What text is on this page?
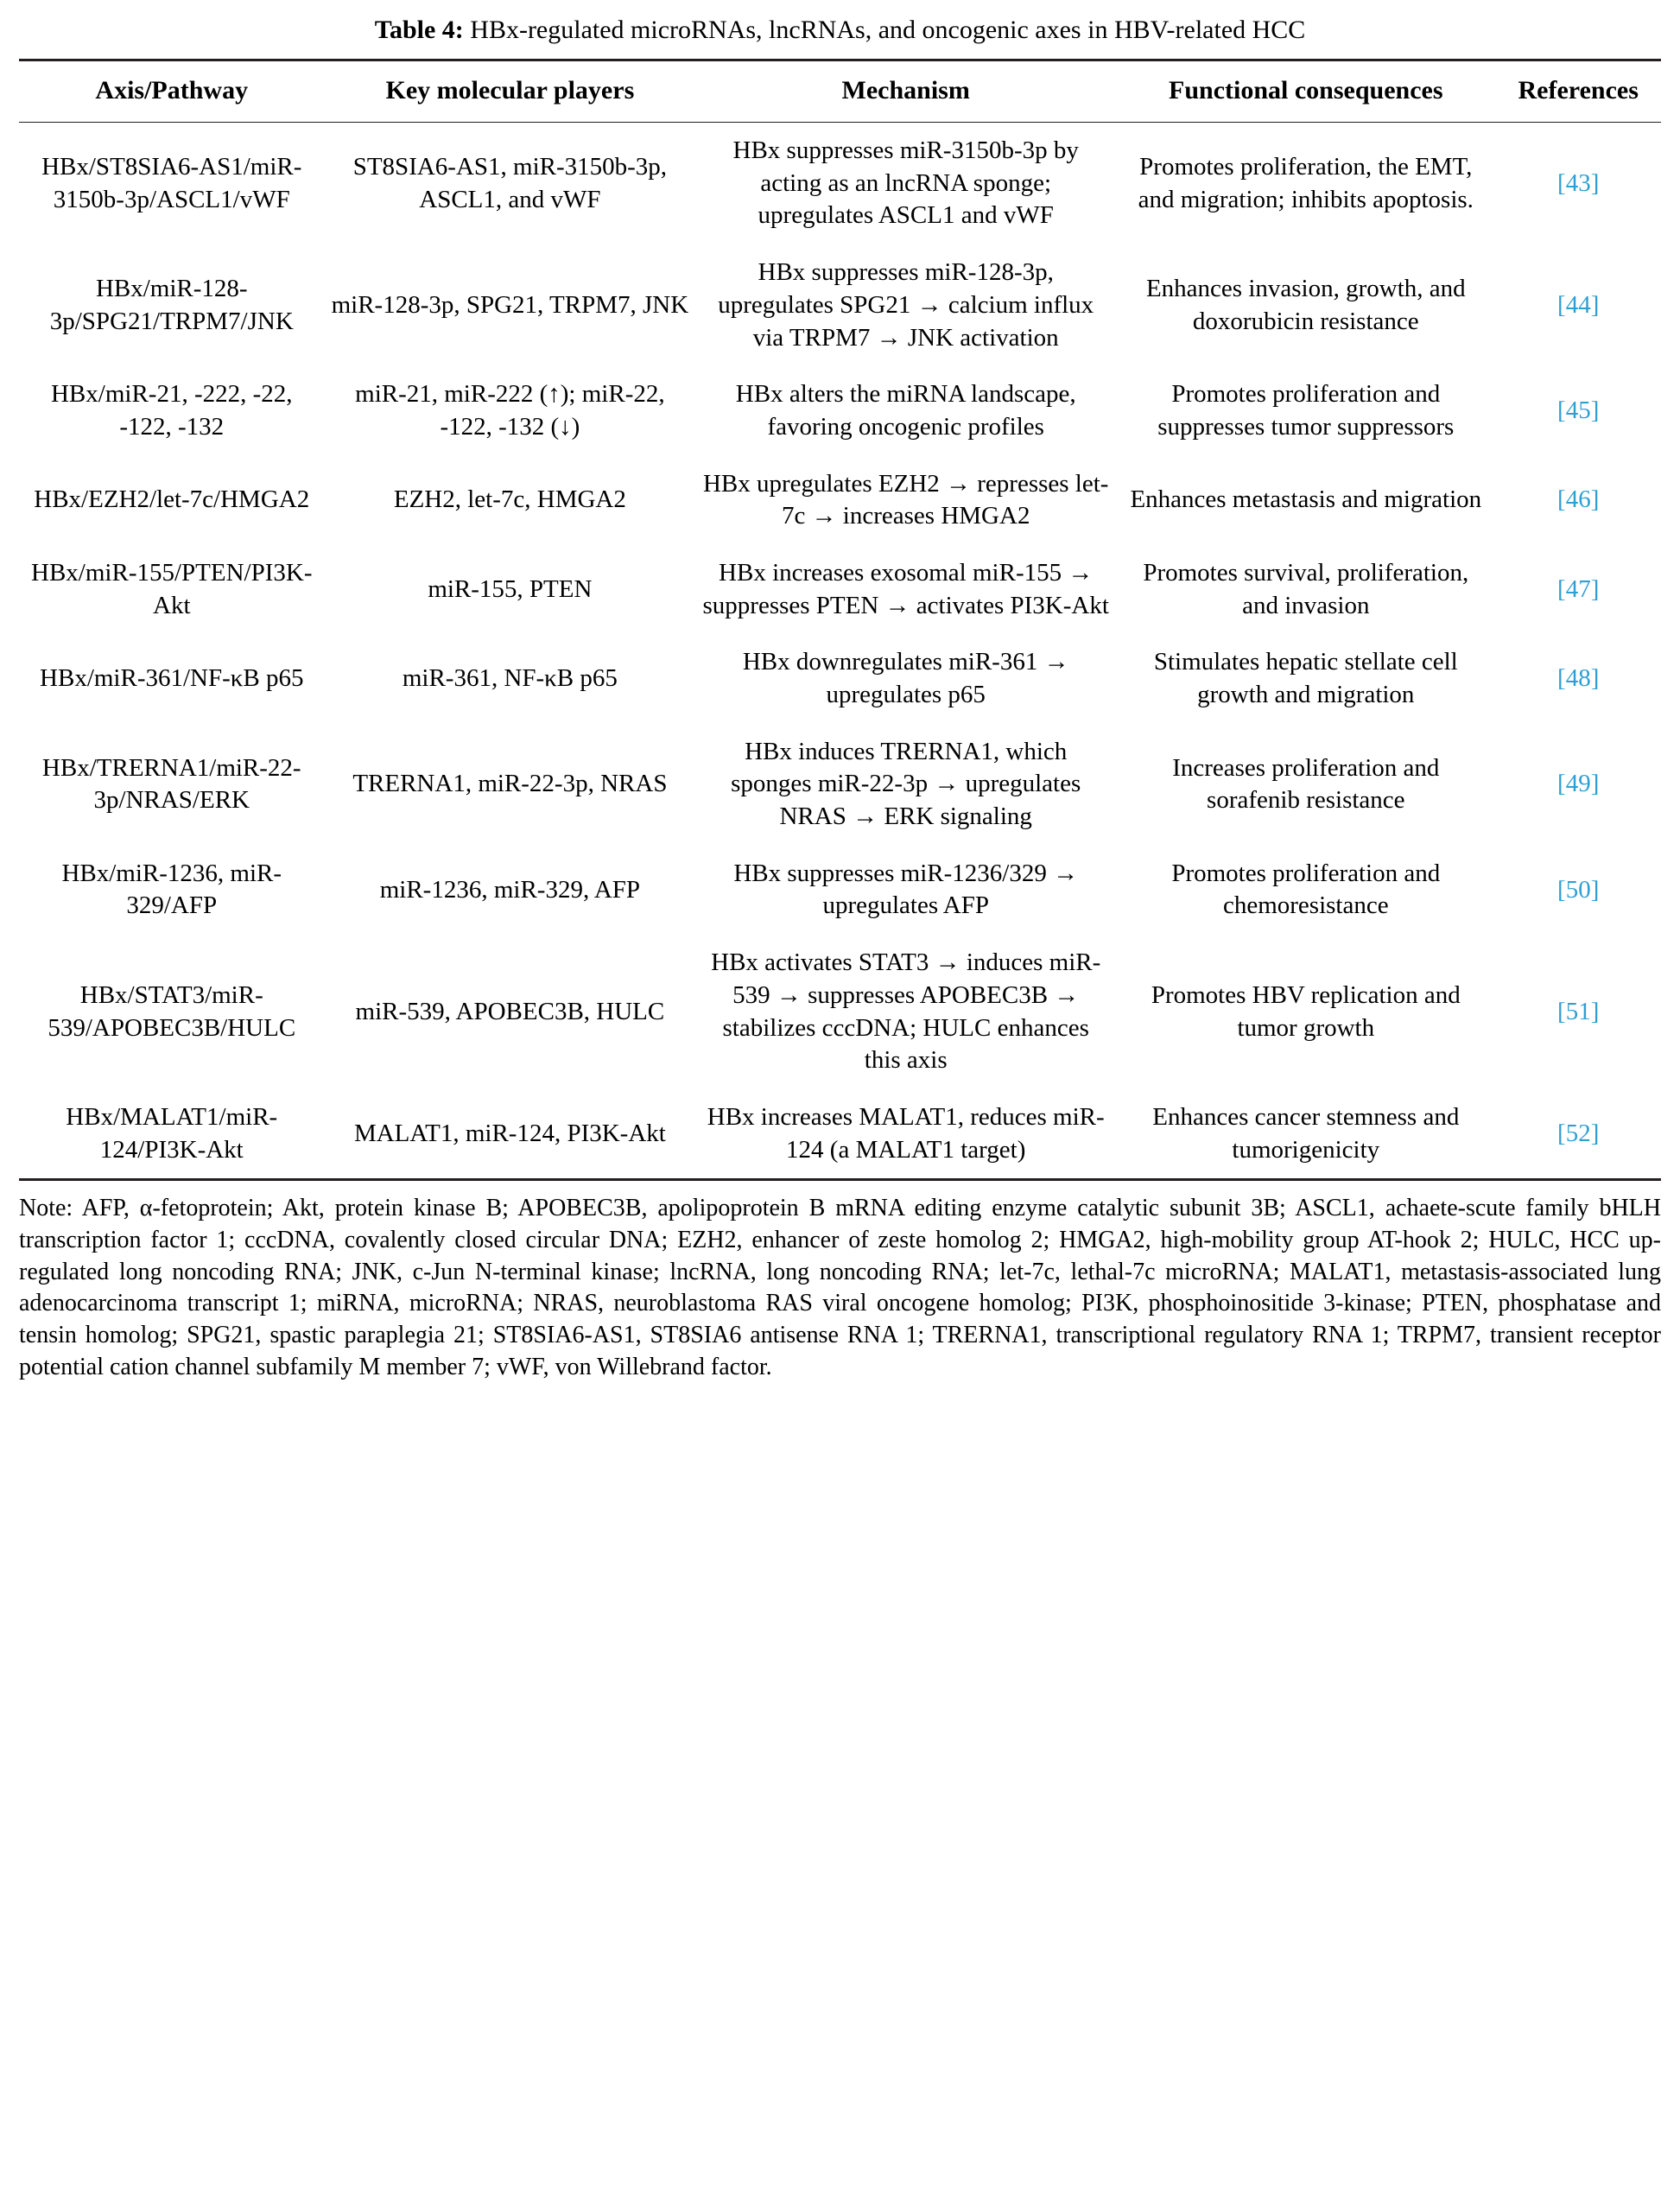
Table 4: HBx-regulated microRNAs, lncRNAs, and oncogenic axes in HBV-related HCC
Axis/Pathway	Key molecular players	Mechanism	Functional consequences	References
HBx/ST8SIA6-AS1/miR-3150b-3p/ASCL1/vWF	ST8SIA6-AS1, miR-3150b-3p, ASCL1, and vWF	HBx suppresses miR-3150b-3p by acting as an lncRNA sponge; upregulates ASCL1 and vWF	Promotes proliferation, the EMT, and migration; inhibits apoptosis.	[43]
HBx/miR-128-3p/SPG21/TRPM7/JNK	miR-128-3p, SPG21, TRPM7, JNK	HBx suppresses miR-128-3p, upregulates SPG21 → calcium influx via TRPM7 → JNK activation	Enhances invasion, growth, and doxorubicin resistance	[44]
HBx/miR-21, -222, -22, -122, -132	miR-21, miR-222 (↑); miR-22, -122, -132 (↓)	HBx alters the miRNA landscape, favoring oncogenic profiles	Promotes proliferation and suppresses tumor suppressors	[45]
HBx/EZH2/let-7c/HMGA2	EZH2, let-7c, HMGA2	HBx upregulates EZH2 → represses let-7c → increases HMGA2	Enhances metastasis and migration	[46]
HBx/miR-155/PTEN/PI3K-Akt	miR-155, PTEN	HBx increases exosomal miR-155 → suppresses PTEN → activates PI3K-Akt	Promotes survival, proliferation, and invasion	[47]
HBx/miR-361/NF-κB p65	miR-361, NF-κB p65	HBx downregulates miR-361 → upregulates p65	Stimulates hepatic stellate cell growth and migration	[48]
HBx/TRERNA1/miR-22-3p/NRAS/ERK	TRERNA1, miR-22-3p, NRAS	HBx induces TRERNA1, which sponges miR-22-3p → upregulates NRAS → ERK signaling	Increases proliferation and sorafenib resistance	[49]
HBx/miR-1236, miR-329/AFP	miR-1236, miR-329, AFP	HBx suppresses miR-1236/329 → upregulates AFP	Promotes proliferation and chemoresistance	[50]
HBx/STAT3/miR-539/APOBEC3B/HULC	miR-539, APOBEC3B, HULC	HBx activates STAT3 → induces miR-539 → suppresses APOBEC3B → stabilizes cccDNA; HULC enhances this axis	Promotes HBV replication and tumor growth	[51]
HBx/MALAT1/miR-124/PI3K-Akt	MALAT1, miR-124, PI3K-Akt	HBx increases MALAT1, reduces miR-124 (a MALAT1 target)	Enhances cancer stemness and tumorigenicity	[52]
Note: AFP, α-fetoprotein; Akt, protein kinase B; APOBEC3B, apolipoprotein B mRNA editing enzyme catalytic subunit 3B; ASCL1, achaete-scute family bHLH transcription factor 1; cccDNA, covalently closed circular DNA; EZH2, enhancer of zeste homolog 2; HMGA2, high-mobility group AT-hook 2; HULC, HCC up-regulated long noncoding RNA; JNK, c-Jun N-terminal kinase; lncRNA, long noncoding RNA; let-7c, lethal-7c microRNA; MALAT1, metastasis-associated lung adenocarcinoma transcript 1; miRNA, microRNA; NRAS, neuroblastoma RAS viral oncogene homolog; PI3K, phosphoinositide 3-kinase; PTEN, phosphatase and tensin homolog; SPG21, spastic paraplegia 21; ST8SIA6-AS1, ST8SIA6 antisense RNA 1; TRERNA1, transcriptional regulatory RNA 1; TRPM7, transient receptor potential cation channel subfamily M member 7; vWF, von Willebrand factor.
